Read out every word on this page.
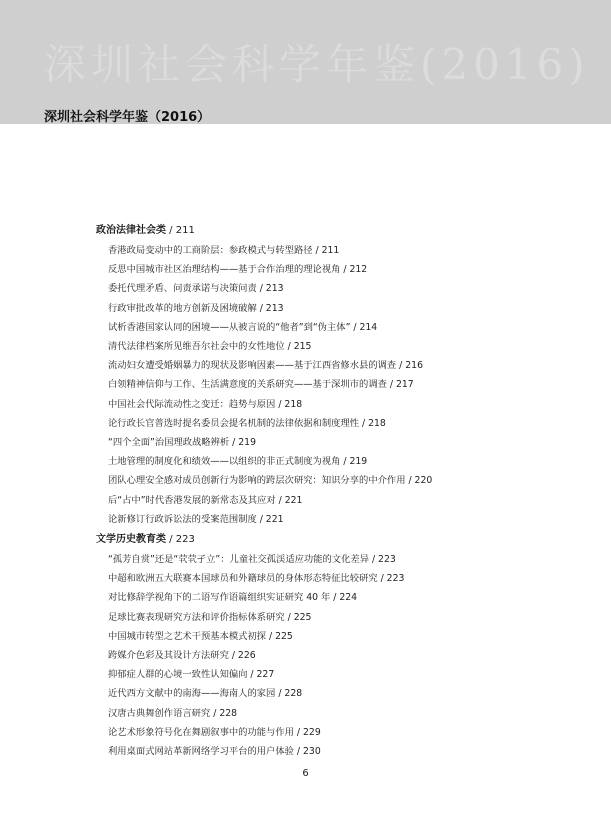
深圳社会科学年鉴(2016)
深圳社会科学年鉴（2016）
政治法律社会类 / 211
香港政局变动中的工商阶层：参政模式与转型路径 / 211
反思中国城市社区治理结构——基于合作治理的理论视角 / 212
委托代理矛盾、问责承诺与决策问责 / 213
行政审批改革的地方创新及困境破解 / 213
试析香港国家认同的困境——从被言说的“他者”到“伪主体” / 214
清代法律档案所见维吾尔社会中的女性地位 / 215
流动妇女遭受婚姻暴力的现状及影响因素——基于江西省修水县的调查 / 216
白领精神信仰与工作、生活满意度的关系研究——基于深圳市的调查 / 217
中国社会代际流动性之变迁：趋势与原因 / 218
论行政长官普选时提名委员会提名机制的法律依据和制度理性 / 218
“四个全面”治国理政战略辨析 / 219
土地管理的制度化和绩效——以组织的非正式制度为视角 / 219
团队心理安全感对成员创新行为影响的跨层次研究：知识分享的中介作用 / 220
后“占中”时代香港发展的新常态及其应对 / 221
论新修订行政诉讼法的受案范围制度 / 221
文学历史教育类 / 223
“孤芳自赏”还是“茕茕孑立”：儿童社交孤渓适应功能的文化差异 / 223
中超和欧洲五大联赛本国球员和外籍球员的身体形态特征比较研究 / 223
对比修辞学视角下的二语写作语篇组织实证研究 40 年 / 224
足球比赛表现研究方法和评价指标体系研究 / 225
中国城市转型之艺术干预基本模式初探 / 225
跨媒介色彩及其设计方法研究 / 226
抑郁症人群的心境一致性认知偏向 / 227
近代西方文献中的南海——海南人的家园 / 228
汉唐古典舞创作语言研究 / 228
论艺术形象符号化在舞剧叙事中的功能与作用 / 229
利用桌面式网站革新网络学习平台的用户体验 / 230
6
